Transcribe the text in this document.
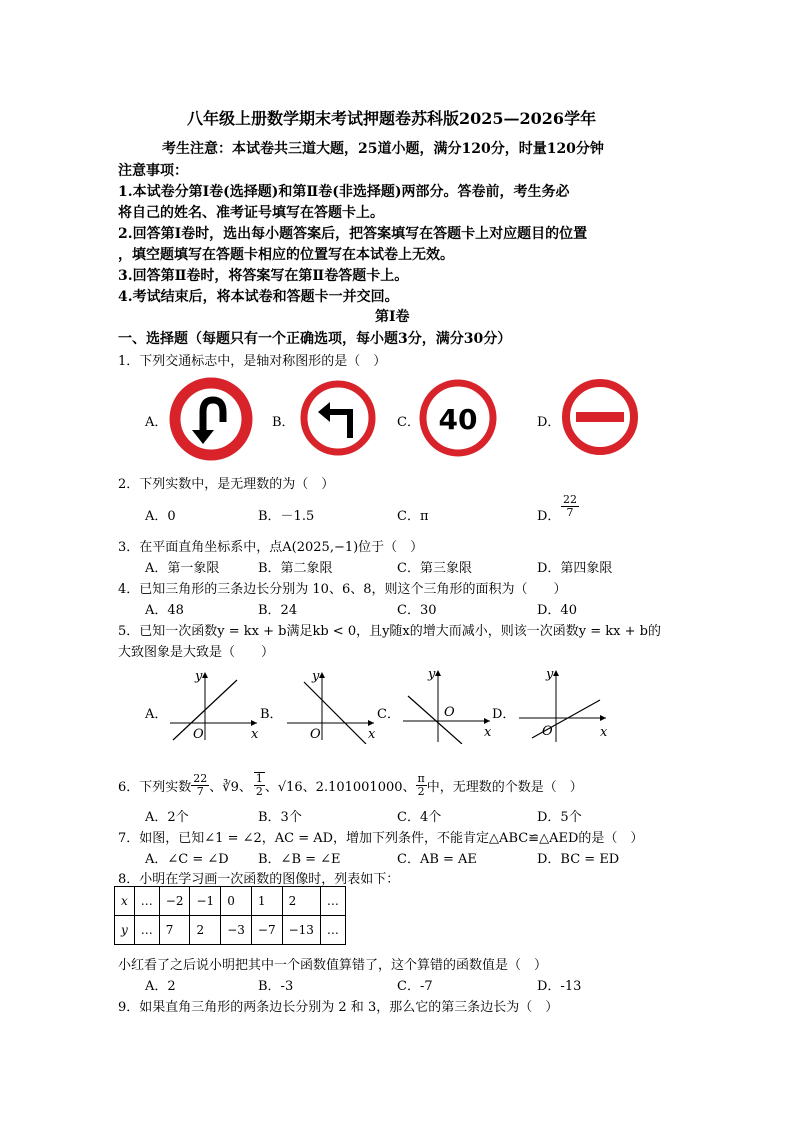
八年级上册数学期末考试押题卷苏科版2025—2026学年
考生注意：本试卷共三道大题，25道小题，满分120分，时量120分钟
注意事项：
1.本试卷分第Ⅰ卷(选择题)和第Ⅱ卷(非选择题)两部分。答卷前，考生务必
将自己的姓名、准考证号填写在答题卡上。
2.回答第Ⅰ卷时，选出每小题答案后，把答案填写在答题卡上对应题目的位置
，填空题填写在答题卡相应的位置写在本试卷上无效。
3.回答第Ⅱ卷时，将答案写在第Ⅱ卷答题卡上。
4.考试结束后，将本试卷和答题卡一并交回。
第Ⅰ卷
一、选择题（每题只有一个正确选项，每小题3分，满分30分）
1．下列交通标志中，是轴对称图形的是（　）
A．	B．	C．	D．
40
2．下列实数中，是无理数的为（　）
A．0	B．－1.5	C．π	D． $\frac{22}{7}$
3．在平面直角坐标系中，点A(2025,−1)位于（　）
A．第一象限	B．第二象限	C．第三象限	D．第四象限
4．已知三角形的三条边长分别为 10、6、8，则这个三角形的面积为（　　）
A．48	B．24	C．30	D．40
5．已知一次函数y = kx + b满足kb < 0，且y随x的增大而减小，则该一次函数y = kx + b的
大致图象是大致是（　　）
A．	B．	C．	D．
y
x
O
y
x
O
y
x
O
y
x
O
6．下列实数 $\frac{22}{7}$ 、∛9、 $\frac{1}{2}$ 、√16、2.101001000、 $\frac{\pi}{2}$ 中，无理数的个数是（　）
A．2个	B．3个	C．4个	D．5个
7．如图，已知∠1 = ∠2，AC = AD，增加下列条件，不能肯定△ABC≌△AED的是（　）
A．∠C = ∠D B．∠B = ∠E	C．AB = AE	D．BC = ED
8．小明在学习画一次函数的图像时，列表如下：
x	…	−2	−1	0	1	2	…
y	…	7	2	−3	−7	−13	…
小红看了之后说小明把其中一个函数值算错了，这个算错的函数值是（　）
A．2	B．-3	C．-7	D．-13
9．如果直角三角形的两条边长分别为 2 和 3，那么它的第三条边长为（　）
